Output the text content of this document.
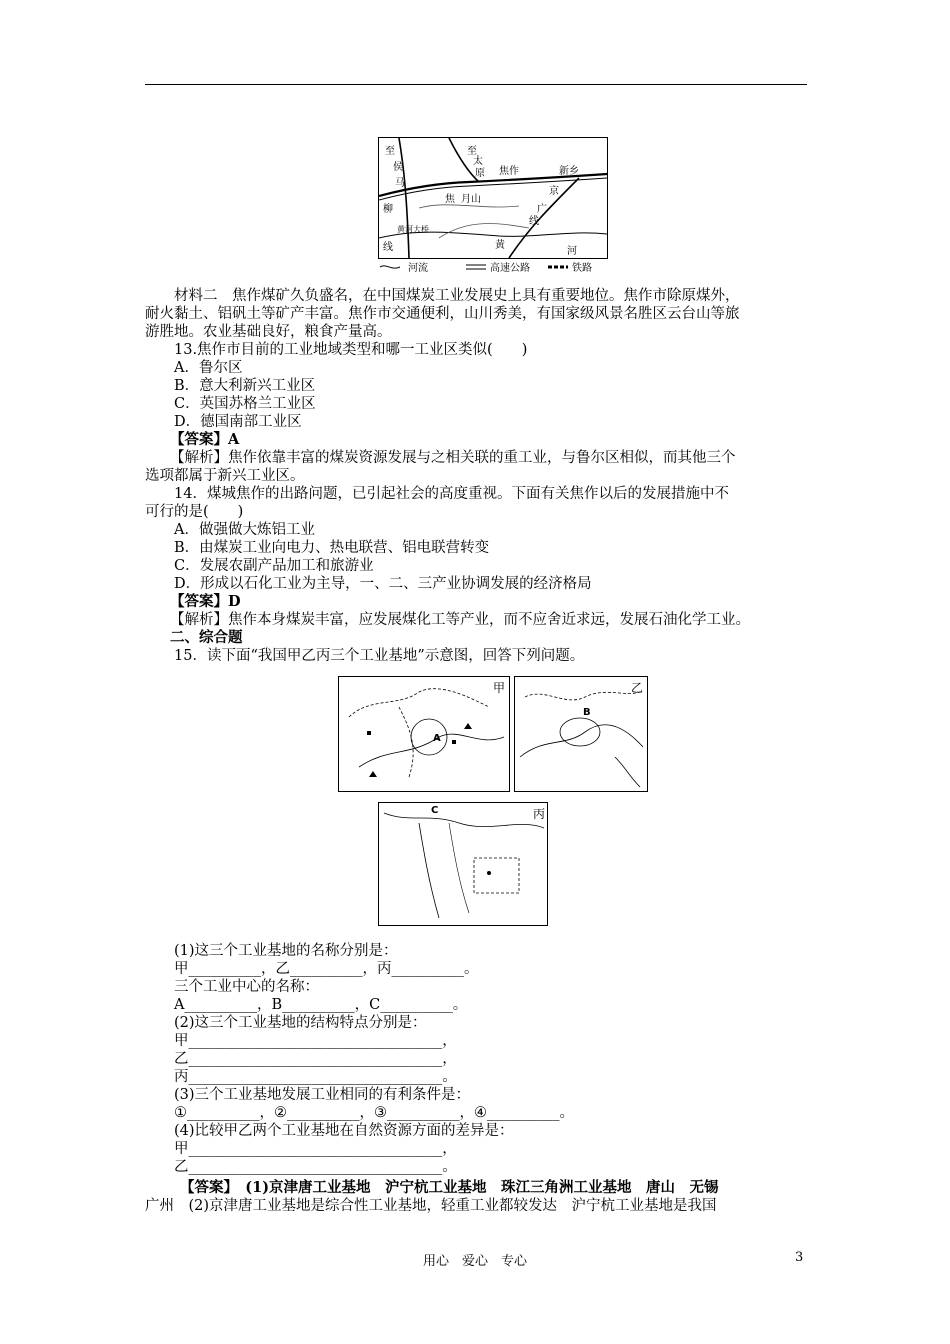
至
侯
马
至
太
原 焦作	新乡
京
焦 月山
广
线
柳
黄河大桥
线	黄
河
河流	高速公路	铁路
材料二　焦作煤矿久负盛名，在中国煤炭工业发展史上具有重要地位。焦作市除原煤外，
耐火黏土、铝矾土等矿产丰富。焦作市交通便利，山川秀美，有国家级风景名胜区云台山等旅
游胜地。农业基础良好，粮食产量高。
13.焦作市目前的工业地域类型和哪一工业区类似(　　)
A．鲁尔区
B．意大利新兴工业区
C．英国苏格兰工业区
D．德国南部工业区
【答案】A
【解析】焦作依靠丰富的煤炭资源发展与之相关联的重工业，与鲁尔区相似，而其他三个
选项都属于新兴工业区。
14．煤城焦作的出路问题，已引起社会的高度重视。下面有关焦作以后的发展措施中不
可行的是(　　)
A．做强做大炼铝工业
B．由煤炭工业向电力、热电联营、铝电联营转变
C．发展农副产品加工和旅游业
D．形成以石化工业为主导，一、二、三产业协调发展的经济格局
【答案】D
【解析】焦作本身煤炭丰富，应发展煤化工等产业，而不应舍近求远，发展石油化学工业。
二、综合题
15．读下面“我国甲乙丙三个工业基地”示意图，回答下列问题。
甲
A
乙
B
丙
C
(1)这三个工业基地的名称分别是：
甲__________，乙__________，丙__________。
三个工业中心的名称：
A__________，B__________，C__________。
(2)这三个工业基地的结构特点分别是：
甲___________________________________，
乙___________________________________，
丙___________________________________。
(3)三个工业基地发展工业相同的有利条件是：
①__________，②__________，③__________，④__________。
(4)比较甲乙两个工业基地在自然资源方面的差异是：
甲___________________________________，
乙___________________________________。
【答案】　(1)京津唐工业基地　沪宁杭工业基地　珠江三角洲工业基地　唐山　无锡
广州　(2)京津唐工业基地是综合性工业基地，轻重工业都较发达　沪宁杭工业基地是我国
用心　爱心　专心	3
